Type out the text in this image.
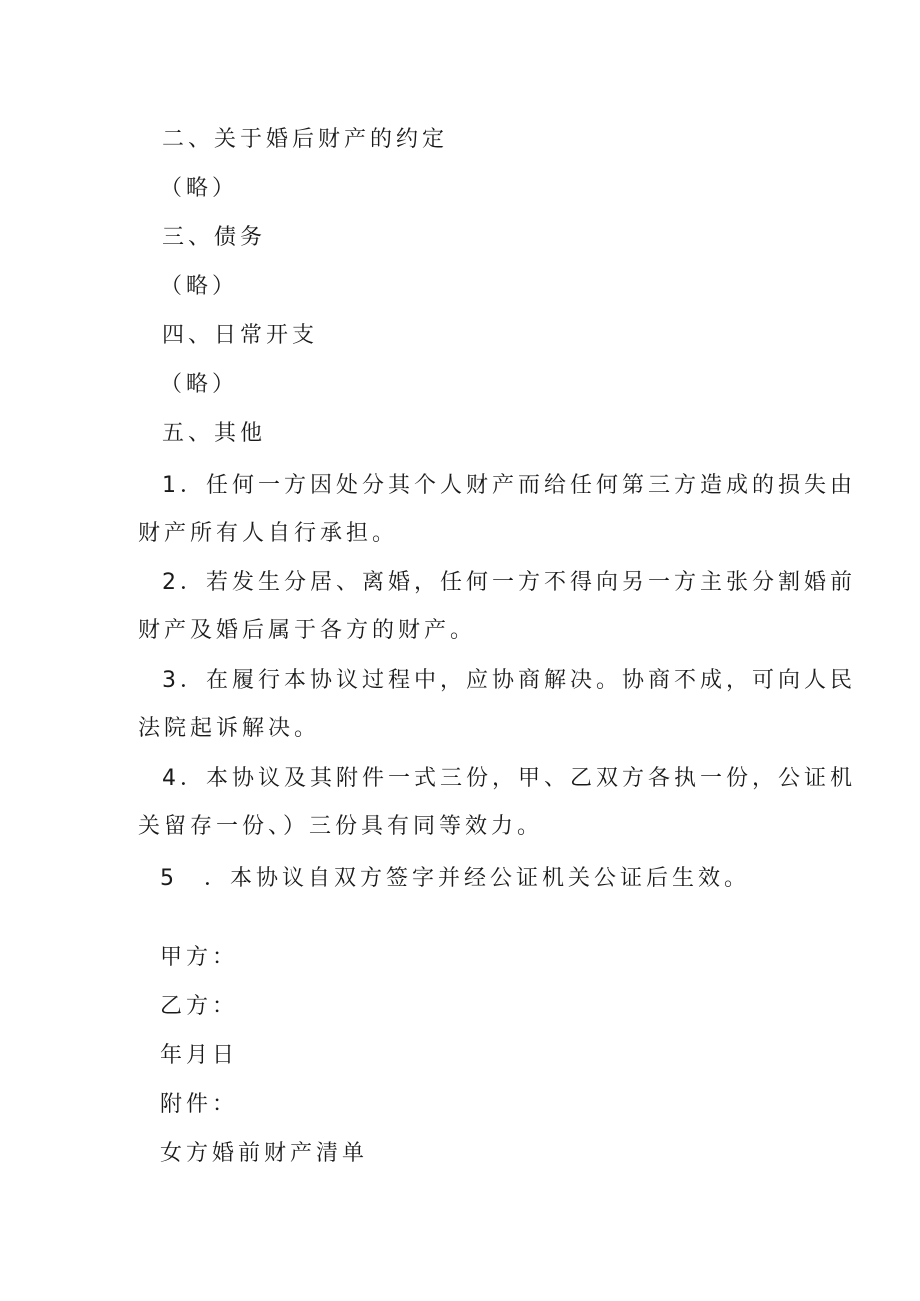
二、关于婚后财产的约定
（略）
三、债务
（略）
四、日常开支
（略）
五、其他
1．任何一方因处分其个人财产而给任何第三方造成的损失由
财产所有人自行承担。
2．若发生分居、离婚，任何一方不得向另一方主张分割婚前
财产及婚后属于各方的财产。
3．在履行本协议过程中，应协商解决。协商不成，可向人民
法院起诉解决。
4．本协议及其附件一式三份，甲、乙双方各执一份，公证机
关留存一份、）三份具有同等效力。
5　．本协议自双方签字并经公证机关公证后生效。
甲方：
乙方：
年月日
附件：
女方婚前财产清单
